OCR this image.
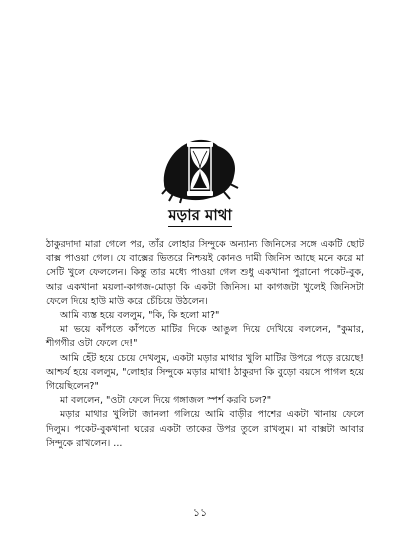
মড়ার মাথা

ঠাকুরদাদা মারা গেলে পর, তাঁর লোহার সিন্দুকে অন্যান্য জিনিসের সঙ্গে একটি ছোট বাক্স পাওয়া গেল। যে বাক্সের ভিতরে নিশ্চয়ই কোনও দামী জিনিস আছে মনে করে মা সেটি খুলে ফেললেন। কিন্তু তার মধ্যে পাওয়া গেল শুধু একখানা পুরানো পকেট-বুক, আর একখানা ময়লা-কাগজ-মোড়া কি একটা জিনিস। মা কাগজটা খুলেই জিনিসটা ফেলে দিয়ে হাউ মাউ করে চেঁচিয়ে উঠলেন।

আমি ব্যস্ত হয়ে বললুম, "কি, কি হলো মা?"

মা ভয়ে কাঁপতে কাঁপতে মাটির দিকে আঙুল দিয়ে দেখিয়ে বললেন, "কুমার, শীগগীর ওটা ফেলে দে!"

আমি হেঁট হয়ে চেয়ে দেখলুম, একটা মড়ার মাথার খুলি মাটির উপরে পড়ে রয়েছে! আশ্চর্য হয়ে বললুম, "লোহার সিন্দুকে মড়ার মাথা! ঠাকুরদা কি বুড়ো বয়সে পাগল হয়ে গিয়েছিলেন?"

মা বললেন, "ওটা ফেলে দিয়ে গঙ্গাজল স্পর্শ করবি চল?"

মড়ার মাথার খুলিটা জানলা গলিয়ে আমি বাড়ীর পাশের একটা খানায় ফেলে দিলুম। পকেট-বুকখানা ঘরের একটা তাকের উপর তুলে রাখলুম। মা বাক্সটা আবার সিন্দুকে রাখলেন। ...

১১
